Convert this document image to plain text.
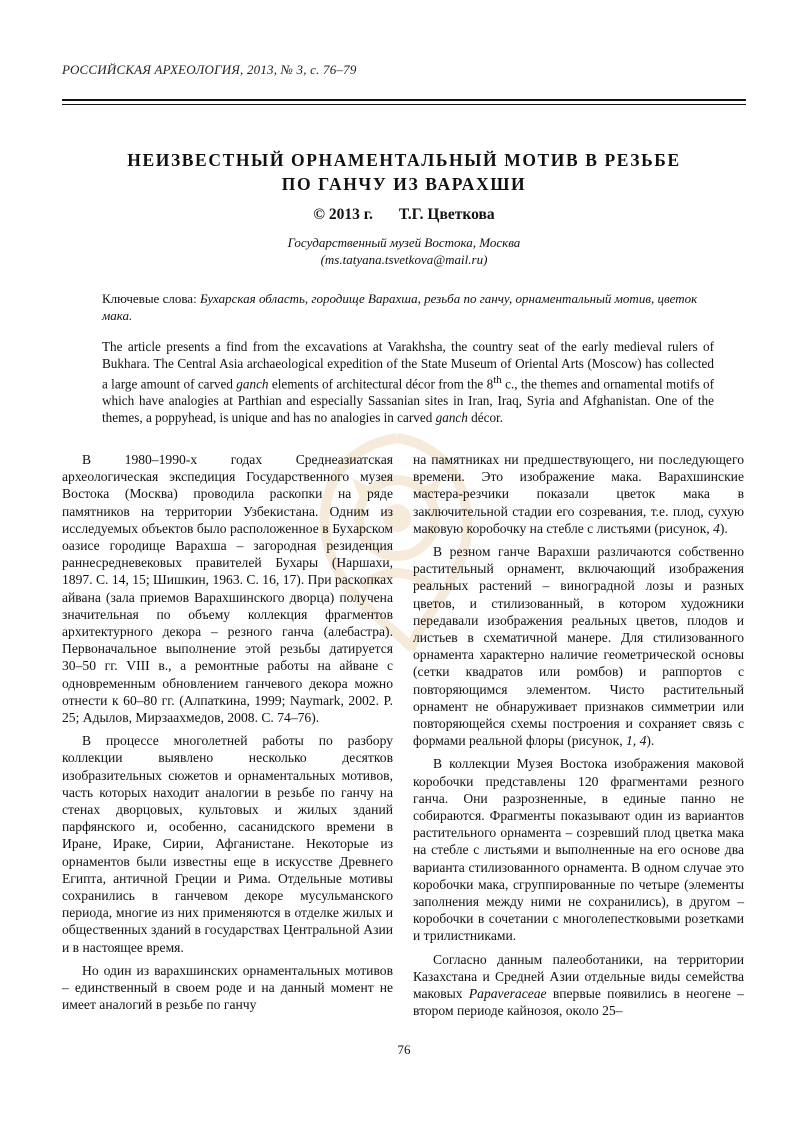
РОССИЙСКАЯ АРХЕОЛОГИЯ, 2013, № 3, с. 76–79
НЕИЗВЕСТНЫЙ ОРНАМЕНТАЛЬНЫЙ МОТИВ В РЕЗЬБЕ
ПО ГАНЧУ ИЗ ВАРАХШИ
© 2013 г. Т.Г. Цветкова
Государственный музей Востока, Москва
(ms.tatyana.tsvetkova@mail.ru)
Ключевые слова: Бухарская область, городище Варахша, резьба по ганчу, орнаментальный мотив, цветок мака.
The article presents a find from the excavations at Varakhsha, the country seat of the early medieval rulers of Bukhara. The Central Asia archaeological expedition of the State Museum of Oriental Arts (Moscow) has collected a large amount of carved ganch elements of architectural décor from the 8th c., the themes and ornamental motifs of which have analogies at Parthian and especially Sassanian sites in Iran, Iraq, Syria and Afghanistan. One of the themes, a poppyhead, is unique and has no analogies in carved ganch décor.

В 1980–1990-х годах Среднеазиатская археологическая экспедиция Государственного музея Востока (Москва) проводила раскопки на ряде памятников на территории Узбекистана. Одним из исследуемых объектов было расположенное в Бухарском оазисе городище Варахша – загородная резиденция раннесредневековых правителей Бухары (Наршахи, 1897. С. 14, 15; Шишкин, 1963. С. 16, 17). При раскопках айвана (зала приемов Варахшинского дворца) получена значительная по объему коллекция фрагментов архитектурного декора – резного ганча (алебастра). Первоначальное выполнение этой резьбы датируется 30–50 гг. VIII в., а ремонтные работы на айване с одновременным обновлением ганчевого декора можно отнести к 60–80 гг. (Алпаткина, 1999; Naymark, 2002. P. 25; Адылов, Мирзаахмедов, 2008. С. 74–76).

В процессе многолетней работы по разбору коллекции выявлено несколько десятков изобразительных сюжетов и орнаментальных мотивов, часть которых находит аналогии в резьбе по ганчу на стенах дворцовых, культовых и жилых зданий парфянского и, особенно, сасанидского времени в Иране, Ираке, Сирии, Афганистане. Некоторые из орнаментов были известны еще в искусстве Древнего Египта, античной Греции и Рима. Отдельные мотивы сохранились в ганчевом декоре мусульманского периода, многие из них применяются в отделке жилых и общественных зданий в государствах Центральной Азии и в настоящее время.

Но один из варахшинских орнаментальных мотивов – единственный в своем роде и на данный момент не имеет аналогий в резьбе по ганчу

на памятниках ни предшествующего, ни последующего времени. Это изображение мака. Варахшинские мастера-резчики показали цветок мака в заключительной стадии его созревания, т.е. плод, сухую маковую коробочку на стебле с листьями (рисунок, 4).

В резном ганче Варахши различаются собственно растительный орнамент, включающий изображения реальных растений – виноградной лозы и разных цветов, и стилизованный, в котором художники передавали изображения реальных цветов, плодов и листьев в схематичной манере. Для стилизованного орнамента характерно наличие геометрической основы (сетки квадратов или ромбов) и раппортов с повторяющимся элементом. Чисто растительный орнамент не обнаруживает признаков симметрии или повторяющейся схемы построения и сохраняет связь с формами реальной флоры (рисунок, 1, 4).

В коллекции Музея Востока изображения маковой коробочки представлены 120 фрагментами резного ганча. Они разрозненные, в единые панно не собираются. Фрагменты показывают один из вариантов растительного орнамента – созревший плод цветка мака на стебле с листьями и выполненные на его основе два варианта стилизованного орнамента. В одном случае это коробочки мака, сгруппированные по четыре (элементы заполнения между ними не сохранились), в другом – коробочки в сочетании с многолепестковыми розетками и трилистниками.

Согласно данным палеоботаники, на территории Казахстана и Средней Азии отдельные виды семейства маковых Papaveraceae впервые появились в неогене – втором периоде кайнозоя, около 25–

76
